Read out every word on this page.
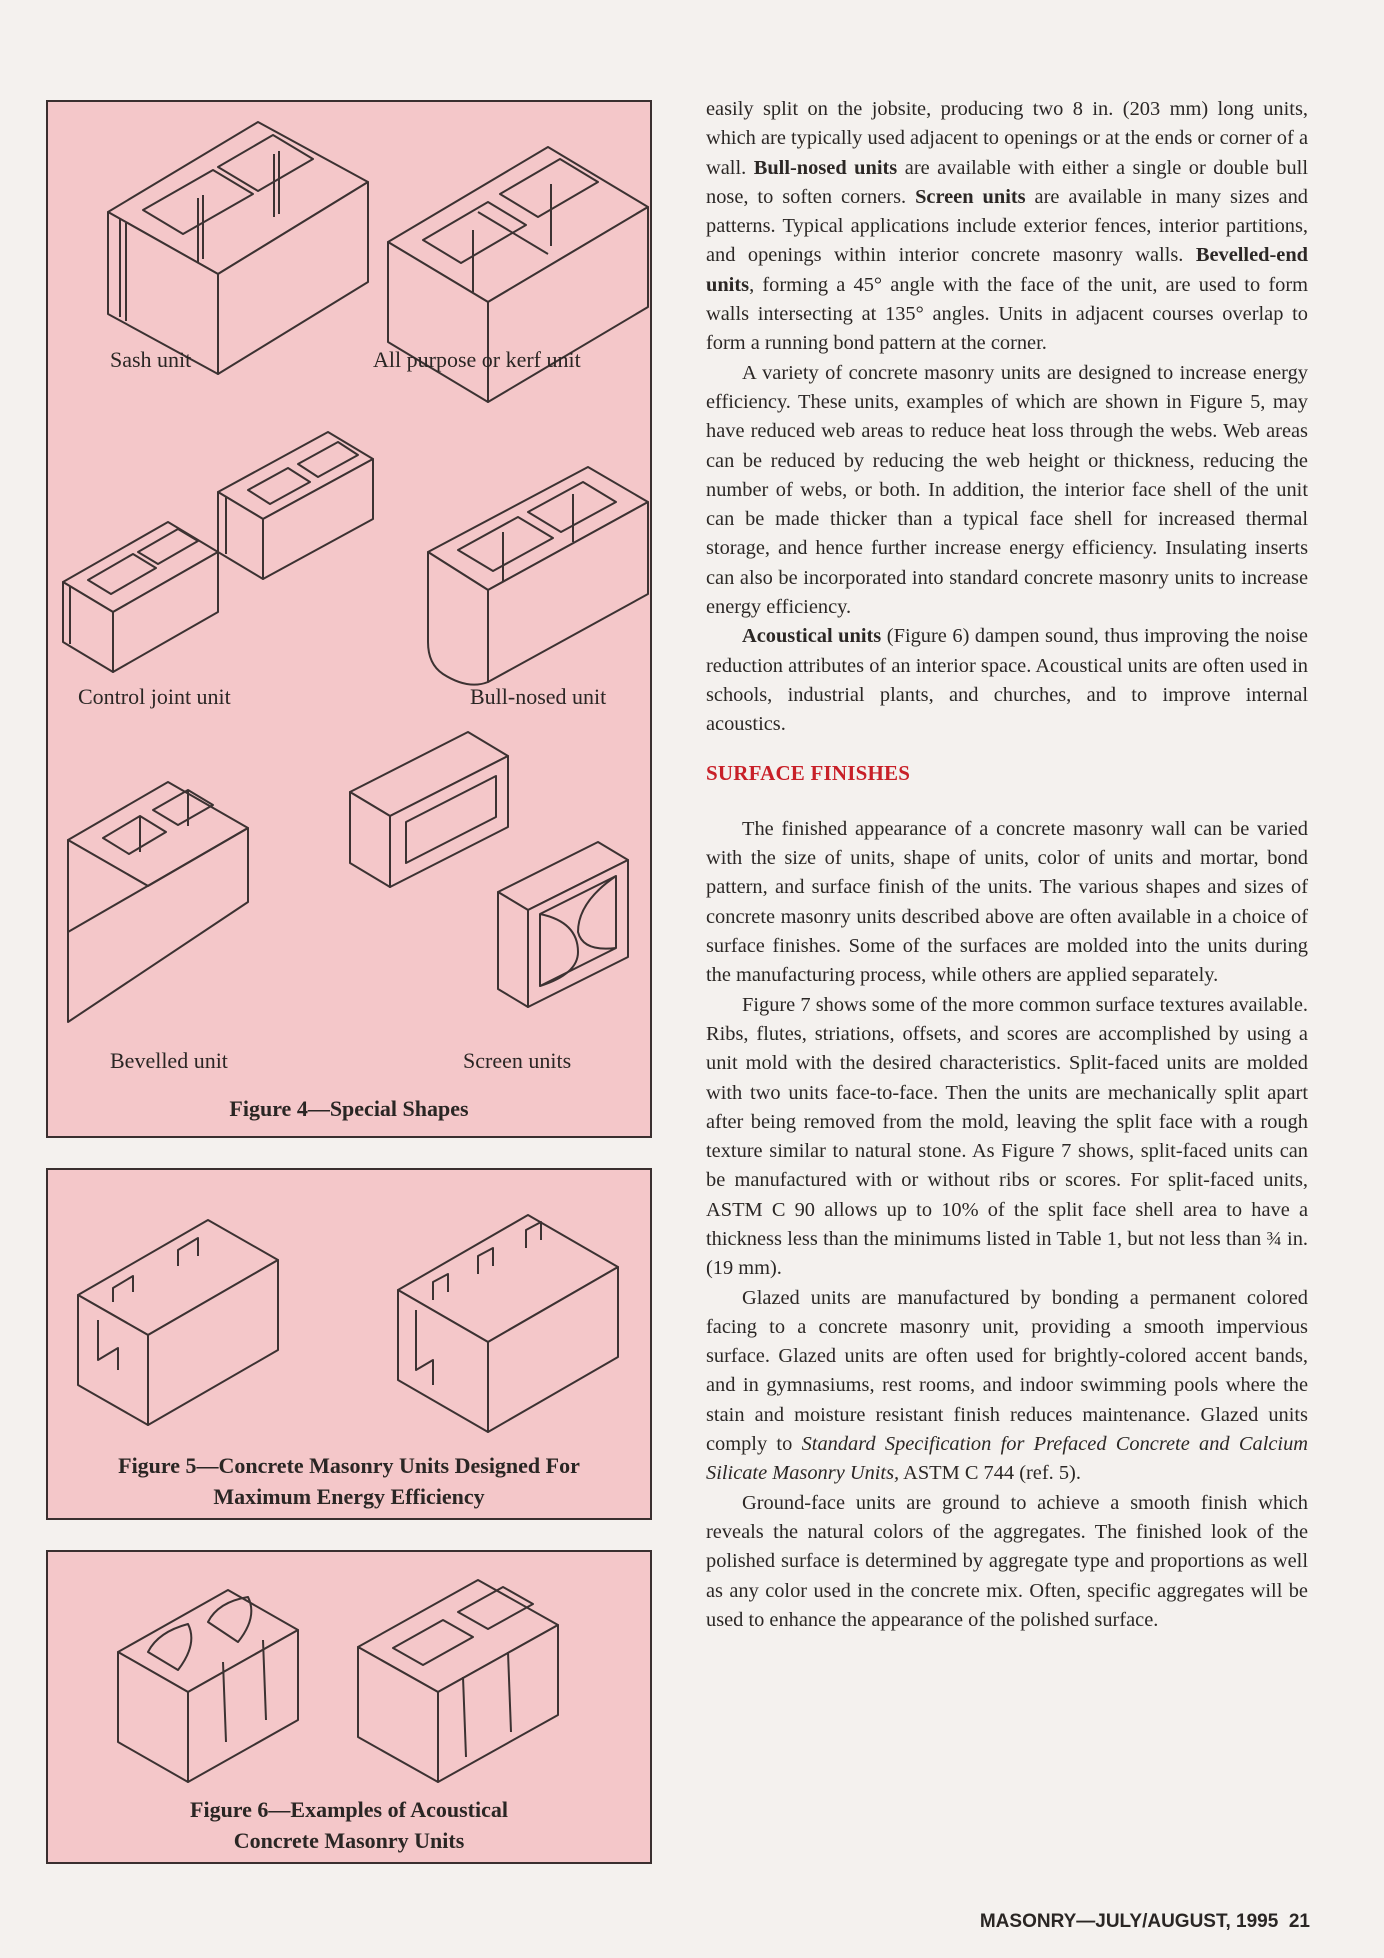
Sash unit	All purpose or kerf unit
Control joint unit	Bull-nosed unit
Bevelled unit	Screen units
Figure 4—Special Shapes
Figure 5—Concrete Masonry Units Designed For
Maximum Energy Efficiency
Figure 6—Examples of Acoustical
Concrete Masonry Units

easily split on the jobsite, producing two 8 in. (203 mm) long units, which are typically used adjacent to openings or at the ends or corner of a wall. Bull-nosed units are available with either a single or double bull nose, to soften corners. Screen units are available in many sizes and patterns. Typical applications include exterior fences, interior partitions, and openings within interior concrete masonry walls. Bevelled-end units, forming a 45° angle with the face of the unit, are used to form walls intersecting at 135° angles. Units in adjacent courses overlap to form a running bond pattern at the corner.

A variety of concrete masonry units are designed to increase energy efficiency. These units, examples of which are shown in Figure 5, may have reduced web areas to reduce heat loss through the webs. Web areas can be reduced by reducing the web height or thickness, reducing the number of webs, or both. In addition, the interior face shell of the unit can be made thicker than a typical face shell for increased thermal storage, and hence further increase energy efficiency. Insulating inserts can also be incorporated into standard concrete masonry units to increase energy efficiency.

Acoustical units (Figure 6) dampen sound, thus improving the noise reduction attributes of an interior space. Acoustical units are often used in schools, industrial plants, and churches, and to improve internal acoustics.

SURFACE FINISHES

The finished appearance of a concrete masonry wall can be varied with the size of units, shape of units, color of units and mortar, bond pattern, and surface finish of the units. The various shapes and sizes of concrete masonry units described above are often available in a choice of surface finishes. Some of the surfaces are molded into the units during the manufacturing process, while others are applied separately.

Figure 7 shows some of the more common surface textures available. Ribs, flutes, striations, offsets, and scores are accomplished by using a unit mold with the desired characteristics. Split-faced units are molded with two units face-to-face. Then the units are mechanically split apart after being removed from the mold, leaving the split face with a rough texture similar to natural stone. As Figure 7 shows, split-faced units can be manufactured with or without ribs or scores. For split-faced units, ASTM C 90 allows up to 10% of the split face shell area to have a thickness less than the minimums listed in Table 1, but not less than ¾ in. (19 mm).

Glazed units are manufactured by bonding a permanent colored facing to a concrete masonry unit, providing a smooth impervious surface. Glazed units are often used for brightly-colored accent bands, and in gymnasiums, rest rooms, and indoor swimming pools where the stain and moisture resistant finish reduces maintenance. Glazed units comply to Standard Specification for Prefaced Concrete and Calcium Silicate Masonry Units, ASTM C 744 (ref. 5).

Ground-face units are ground to achieve a smooth finish which reveals the natural colors of the aggregates. The finished look of the polished surface is determined by aggregate type and proportions as well as any color used in the concrete mix. Often, specific aggregates will be used to enhance the appearance of the polished surface.

MASONRY—JULY/AUGUST, 1995 21
